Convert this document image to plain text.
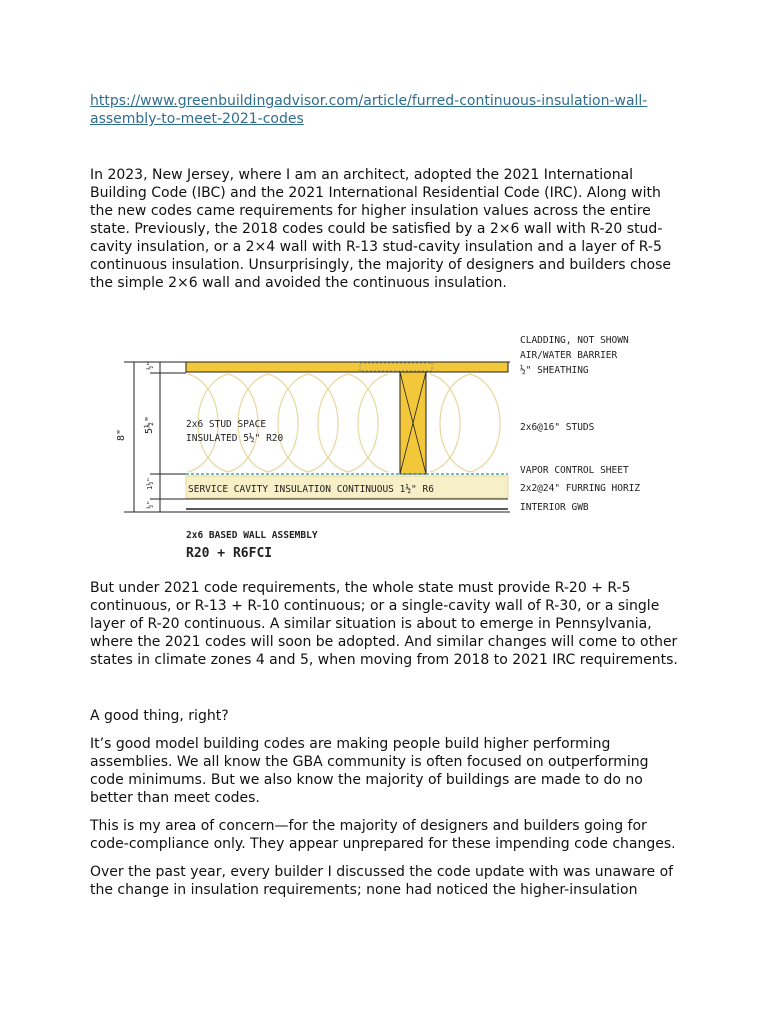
https://www.greenbuildingadvisor.com/article/furred-continuous-insulation-wall-assembly-to-meet-2021-codes

In 2023, New Jersey, where I am an architect, adopted the 2021 International Building Code (IBC) and the 2021 International Residential Code (IRC). Along with the new codes came requirements for higher insulation values across the entire state. Previously, the 2018 codes could be satisfied by a 2×6 wall with R-20 stud-cavity insulation, or a 2×4 wall with R-13 stud-cavity insulation and a layer of R-5 continuous insulation. Unsurprisingly, the majority of designers and builders chose the simple 2×6 wall and avoided the continuous insulation.

8"
½"
5½"
1½"
½"
CLADDING, NOT SHOWN
AIR/WATER BARRIER
½" SHEATHING
2x6@16" STUDS
VAPOR CONTROL SHEET
2x2@24" FURRING HORIZ
INTERIOR GWB
2x6 STUD SPACE
INSULATED 5½" R20
SERVICE CAVITY INSULATION CONTINUOUS 1½" R6
2x6 BASED WALL ASSEMBLY
R20 + R6FCI

But under 2021 code requirements, the whole state must provide R-20 + R-5 continuous, or R-13 + R-10 continuous; or a single-cavity wall of R-30, or a single layer of R-20 continuous. A similar situation is about to emerge in Pennsylvania, where the 2021 codes will soon be adopted. And similar changes will come to other states in climate zones 4 and 5, when moving from 2018 to 2021 IRC requirements.

A good thing, right?

It’s good model building codes are making people build higher performing assemblies. We all know the GBA community is often focused on outperforming code minimums. But we also know the majority of buildings are made to do no better than meet codes.

This is my area of concern—for the majority of designers and builders going for code-compliance only. They appear unprepared for these impending code changes.

Over the past year, every builder I discussed the code update with was unaware of the change in insulation requirements; none had noticed the higher-insulation
